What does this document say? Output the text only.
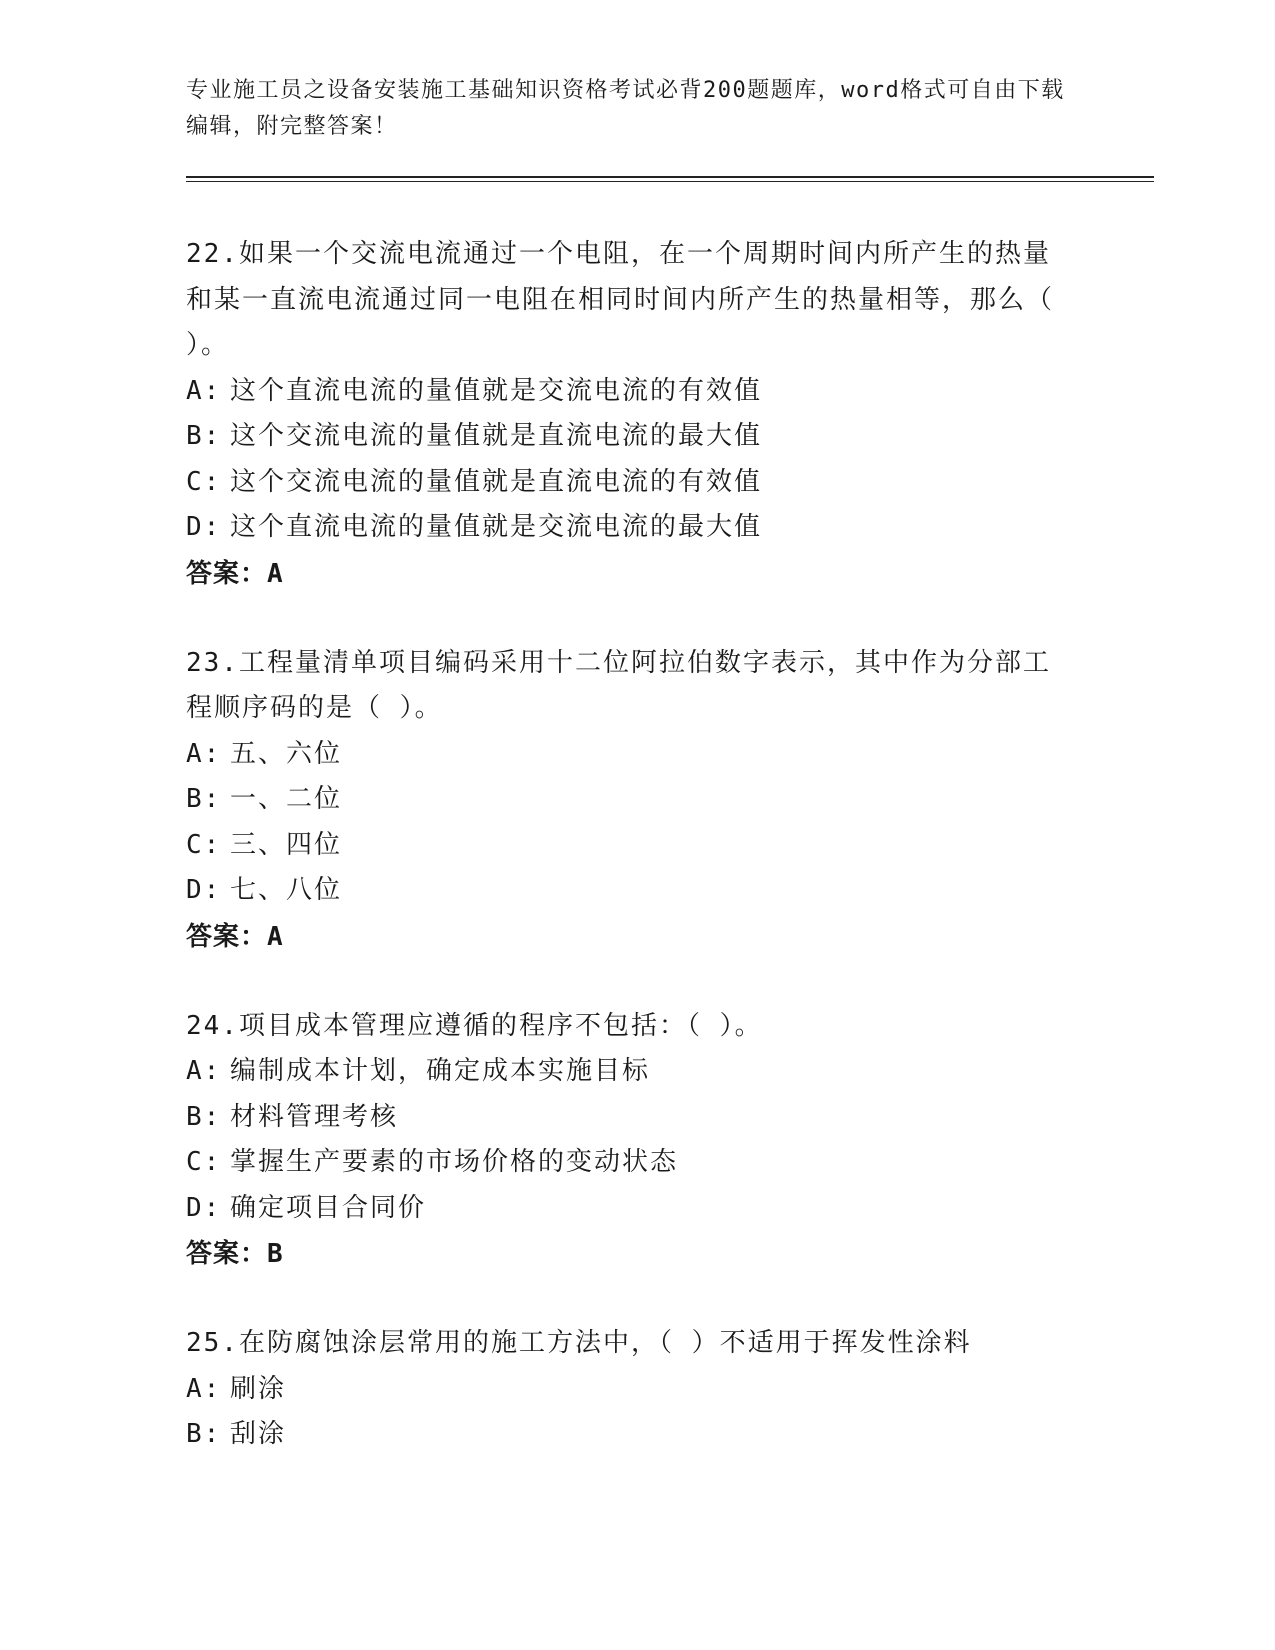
专业施工员之设备安装施工基础知识资格考试必背200题题库，word格式可自由下载编辑，附完整答案！
22.如果一个交流电流通过一个电阻，在一个周期时间内所产生的热量和某一直流电流通过同一电阻在相同时间内所产生的热量相等，那么（ ）。
A: 这个直流电流的量值就是交流电流的有效值
B: 这个交流电流的量值就是直流电流的最大值
C: 这个交流电流的量值就是直流电流的有效值
D: 这个直流电流的量值就是交流电流的最大值
答案：A
23.工程量清单项目编码采用十二位阿拉伯数字表示，其中作为分部工程顺序码的是（ ）。
A: 五、六位
B: 一、二位
C: 三、四位
D: 七、八位
答案：A
24.项目成本管理应遵循的程序不包括：（ ）。
A: 编制成本计划，确定成本实施目标
B: 材料管理考核
C: 掌握生产要素的市场价格的变动状态
D: 确定项目合同价
答案：B
25.在防腐蚀涂层常用的施工方法中，（ ）不适用于挥发性涂料
A: 刷涂
B: 刮涂
